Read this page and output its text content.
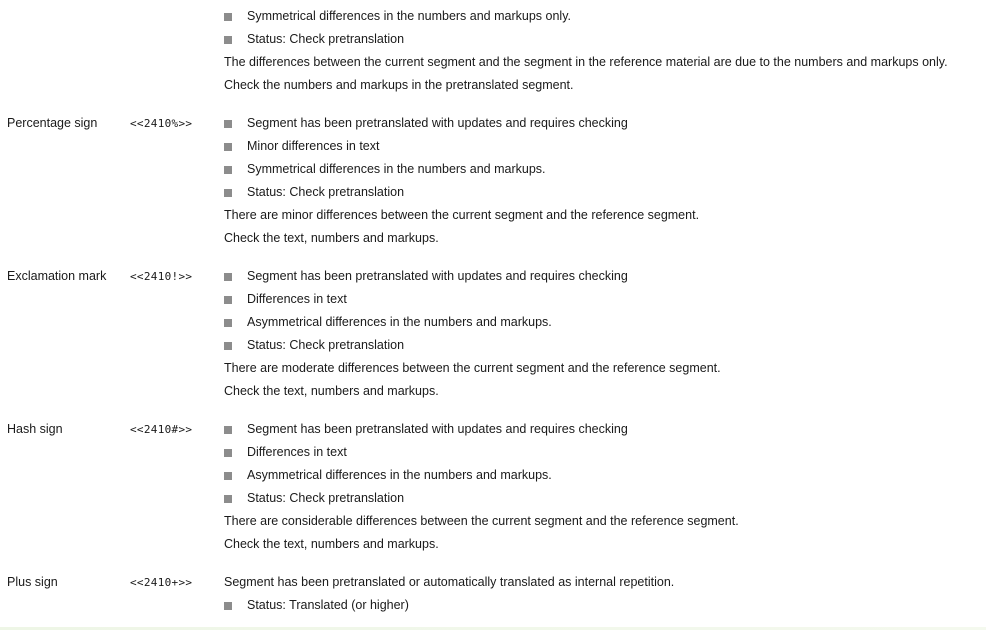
Symmetrical differences in the numbers and markups only.
Status: Check pretranslation
The differences between the current segment and the segment in the reference material are due to the numbers and markups only.
Check the numbers and markups in the pretranslated segment.
Percentage sign	<<2410%>>	Segment has been pretranslated with updates and requires checking
Minor differences in text
Symmetrical differences in the numbers and markups.
Status: Check pretranslation
There are minor differences between the current segment and the reference segment.
Check the text, numbers and markups.
Exclamation mark <<2410!>>	Segment has been pretranslated with updates and requires checking
Differences in text
Asymmetrical differences in the numbers and markups.
Status: Check pretranslation
There are moderate differences between the current segment and the reference segment.
Check the text, numbers and markups.
Hash sign	<<2410#>>	Segment has been pretranslated with updates and requires checking
Differences in text
Asymmetrical differences in the numbers and markups.
Status: Check pretranslation
There are considerable differences between the current segment and the reference segment.
Check the text, numbers and markups.
Plus sign	<<2410+>>	Segment has been pretranslated or automatically translated as internal repetition.
Status: Translated (or higher)
